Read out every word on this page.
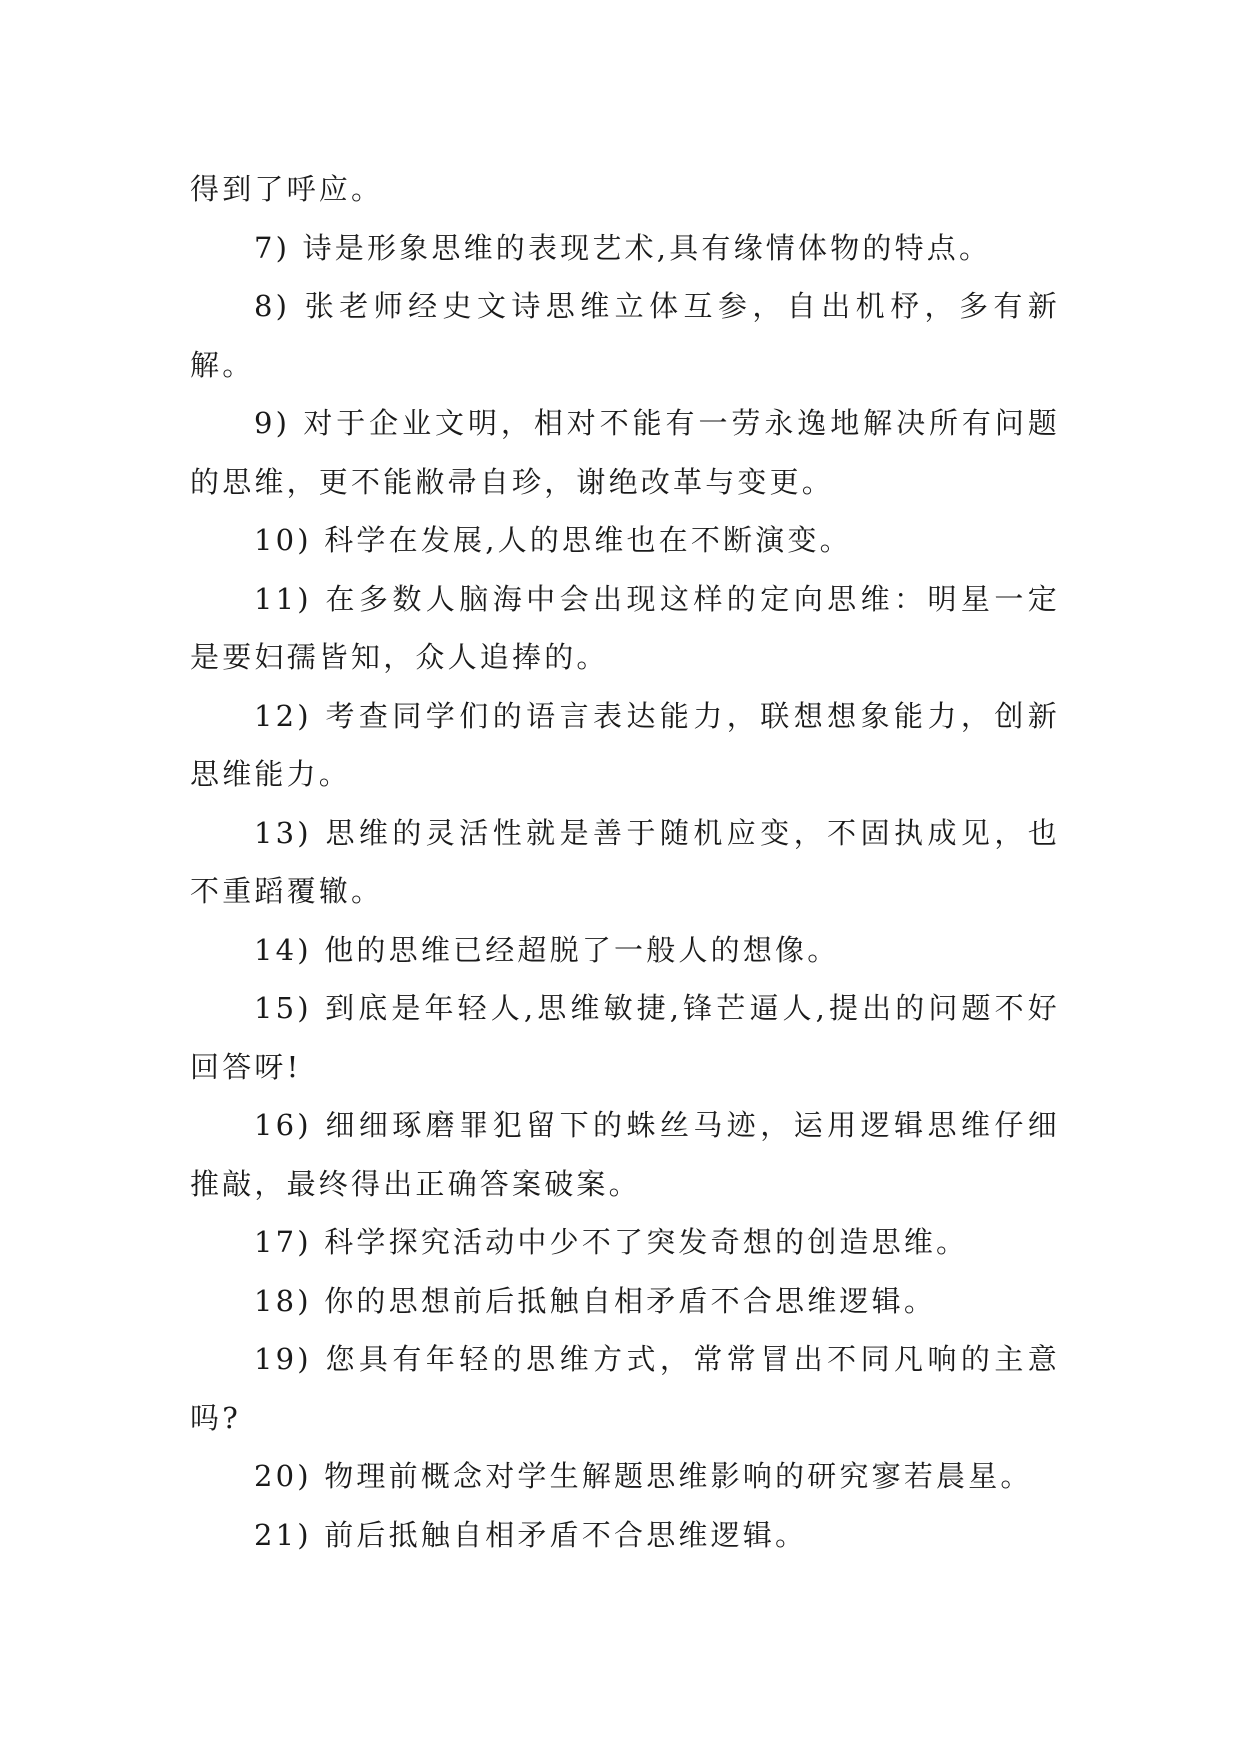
得到了呼应。

7) 诗是形象思维的表现艺术,具有缘情体物的特点。

8) 张老师经史文诗思维立体互参，自出机杼，多有新解。

9) 对于企业文明，相对不能有一劳永逸地解决所有问题的思维，更不能敝帚自珍，谢绝改革与变更。

10) 科学在发展,人的思维也在不断演变。

11) 在多数人脑海中会出现这样的定向思维：明星一定是要妇孺皆知，众人追捧的。

12) 考查同学们的语言表达能力，联想想象能力，创新思维能力。

13) 思维的灵活性就是善于随机应变，不固执成见，也不重蹈覆辙。

14) 他的思维已经超脱了一般人的想像。

15) 到底是年轻人,思维敏捷,锋芒逼人,提出的问题不好回答呀!

16) 细细琢磨罪犯留下的蛛丝马迹，运用逻辑思维仔细推敲，最终得出正确答案破案。

17) 科学探究活动中少不了突发奇想的创造思维。

18) 你的思想前后抵触自相矛盾不合思维逻辑。

19) 您具有年轻的思维方式，常常冒出不同凡响的主意吗?

20) 物理前概念对学生解题思维影响的研究寥若晨星。

21) 前后抵触自相矛盾不合思维逻辑。
